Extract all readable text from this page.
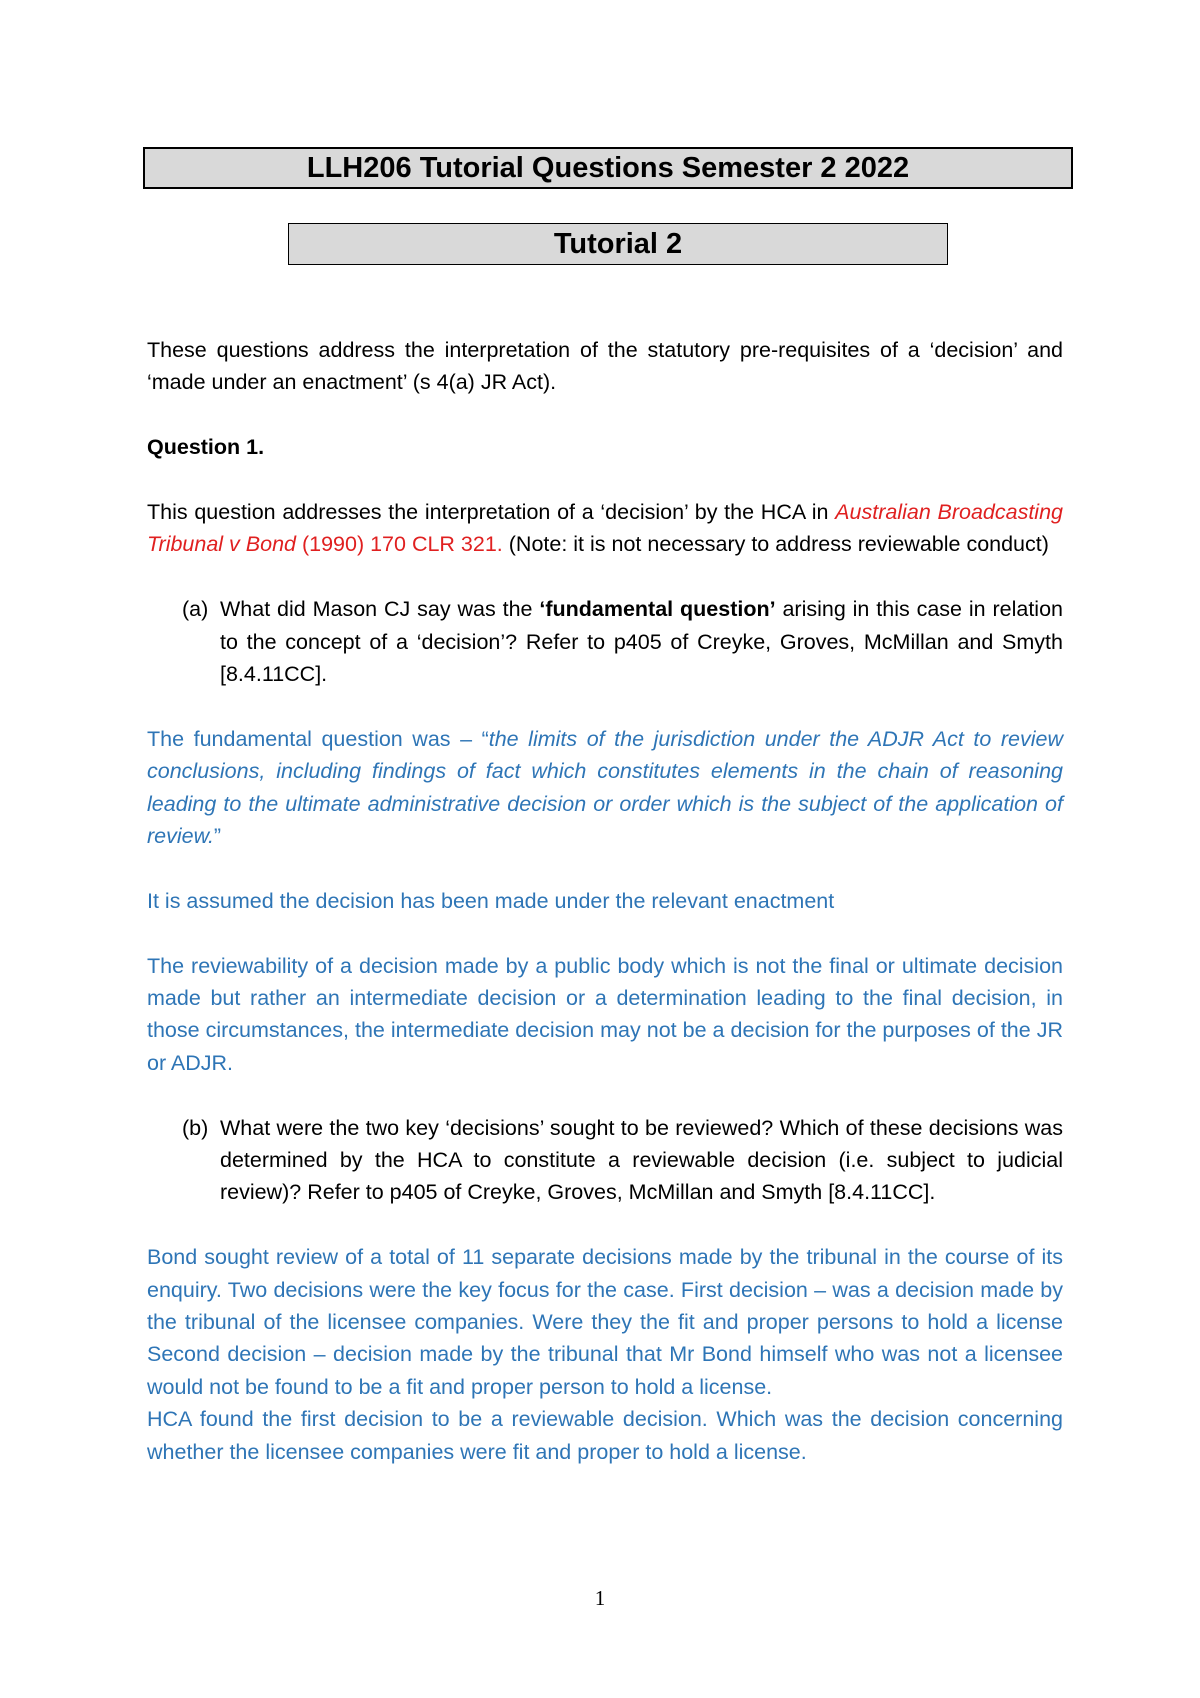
LLH206 Tutorial Questions Semester 2 2022
Tutorial 2

These questions address the interpretation of the statutory pre-requisites of a ‘decision’ and ‘made under an enactment’ (s 4(a) JR Act).

Question 1.

This question addresses the interpretation of a ‘decision’ by the HCA in Australian Broadcasting Tribunal v Bond (1990) 170 CLR 321. (Note: it is not necessary to address reviewable conduct)

(a) What did Mason CJ say was the ‘fundamental question’ arising in this case in relation to the concept of a ‘decision’? Refer to p405 of Creyke, Groves, McMillan and Smyth [8.4.11CC].

The fundamental question was – “the limits of the jurisdiction under the ADJR Act to review conclusions, including findings of fact which constitutes elements in the chain of reasoning leading to the ultimate administrative decision or order which is the subject of the application of review.”

It is assumed the decision has been made under the relevant enactment

The reviewability of a decision made by a public body which is not the final or ultimate decision made but rather an intermediate decision or a determination leading to the final decision, in those circumstances, the intermediate decision may not be a decision for the purposes of the JR or ADJR.

(b) What were the two key ‘decisions’ sought to be reviewed? Which of these decisions was determined by the HCA to constitute a reviewable decision (i.e. subject to judicial review)? Refer to p405 of Creyke, Groves, McMillan and Smyth [8.4.11CC].

Bond sought review of a total of 11 separate decisions made by the tribunal in the course of its enquiry. Two decisions were the key focus for the case. First decision – was a decision made by the tribunal of the licensee companies. Were they the fit and proper persons to hold a license Second decision – decision made by the tribunal that Mr Bond himself who was not a licensee would not be found to be a fit and proper person to hold a license.

HCA found the first decision to be a reviewable decision. Which was the decision concerning whether the licensee companies were fit and proper to hold a license.

1
